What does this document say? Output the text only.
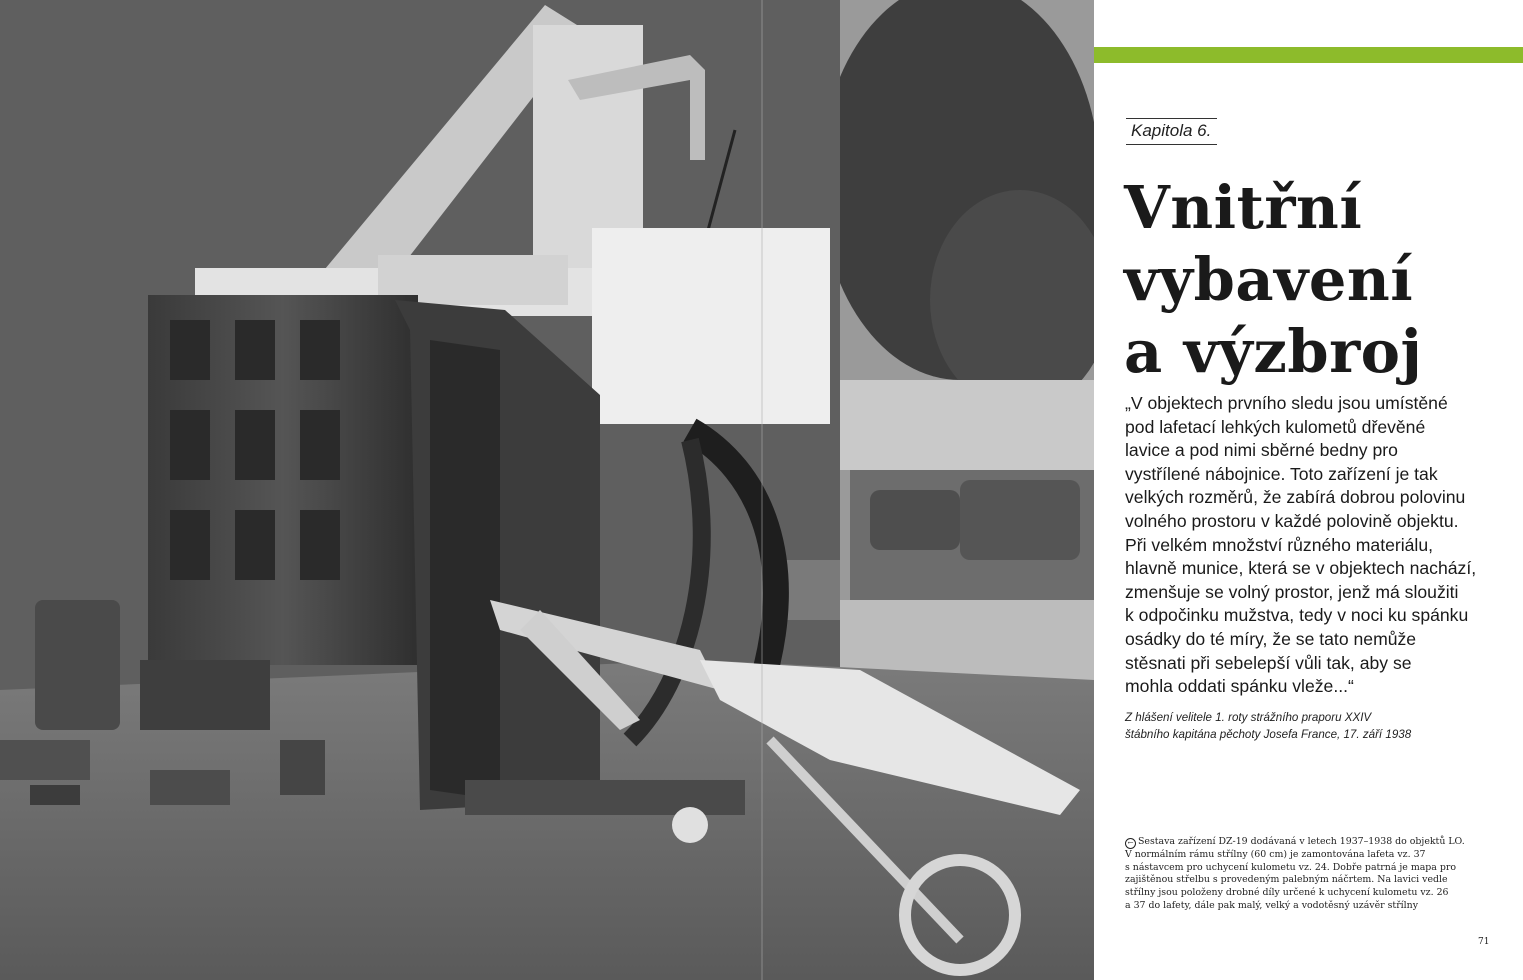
Kapitola 6.
Vnitřní
vybavení
a výzbroj
„V objektech prvního sledu jsou umístěné
pod lafetací lehkých kulometů dřevěné
lavice a pod nimi sběrné bedny pro
vystřílené nábojnice. Toto zařízení je tak
velkých rozměrů, že zabírá dobrou polovinu
volného prostoru v každé polovině objektu.
Při velkém množství různého materiálu,
hlavně munice, která se v objektech nachází,
zmenšuje se volný prostor, jenž má sloužiti
k odpočinku mužstva, tedy v noci ku spánku
osádky do té míry, že se tato nemůže
stěsnati při sebelepší vůli tak, aby se
mohla oddati spánku vleže...“
Z hlášení velitele 1. roty strážního praporu XXIV
štábního kapitána pěchoty Josefa France, 17. září 1938
← Sestava zařízení DZ-19 dodávaná v letech 1937–1938 do objektů LO.
V normálním rámu střílny (60 cm) je zamontována lafeta vz. 37
s nástavcem pro uchycení kulometu vz. 24. Dobře patrná je mapa pro
zajištěnou střelbu s provedeným palebným náčrtem. Na lavici vedle
střílny jsou položeny drobné díly určené k uchycení kulometu vz. 26
a 37 do lafety, dále pak malý, velký a vodotěsný uzávěr střílny
71
